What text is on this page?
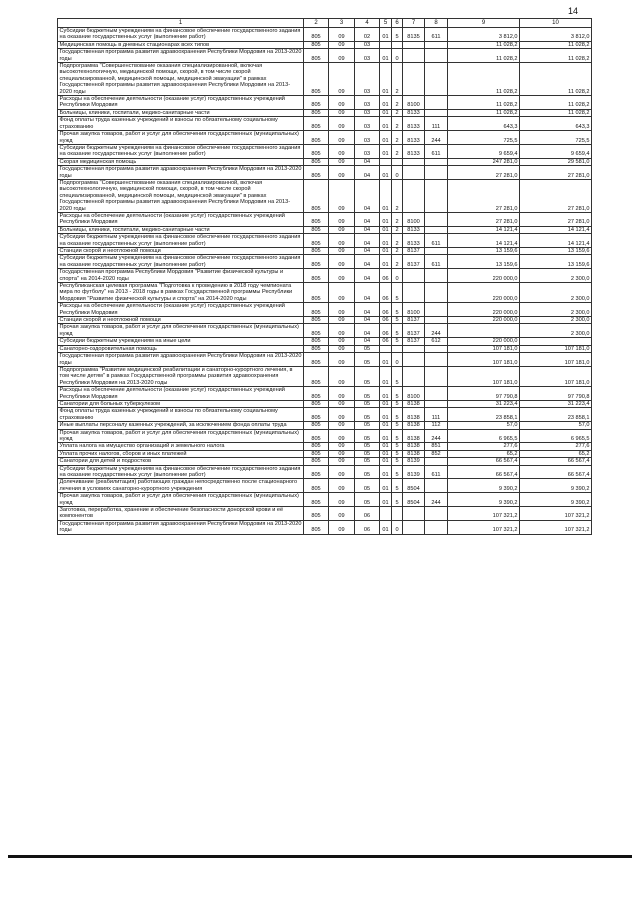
14
1	2	3	4	5	6	7	8	9	10
Субсидии бюджетным учреждениям на финансовое обеспечение государственного задания на оказание государственных услуг (выполнение работ)	805	09	02	01	5	8135	611	3 812,0	3 812,0
Медицинская помощь в дневных стационарах всех типов	805	09	03					11 028,2	11 028,2
Государственная программа развития здравоохранения Республики Мордовия на 2013-2020 годы	805	09	03	01	0			11 028,2	11 028,2
Подпрограмма "Совершенствование оказания специализированной, включая высокотехнологичную, медицинской помощи, скорой, в том числе скорой специализированной, медицинской помощи, медицинской эвакуации" в рамках Государственной программы развития здравоохранения Республики Мордовия на 2013-2020 годы	805	09	03	01	2			11 028,2	11 028,2
Расходы на обеспечение деятельности (оказание услуг) государственных учреждений Республики Мордовия	805	09	03	01	2	8100		11 028,2	11 028,2
Больницы, клиники, госпитали, медико-санитарные части	805	09	03	01	2	8133		11 028,2	11 028,2
Фонд оплаты труда казенных учреждений и взносы по обязательному социальному страхованию	805	09	03	01	2	8133	111	643,3	643,3
Прочая закупка товаров, работ и услуг для обеспечения государственных (муниципальных) нужд	805	09	03	01	2	8133	244	725,5	725,5
Субсидии бюджетным учреждениям на финансовое обеспечение государственного задания на оказание государственных услуг (выполнение работ)	805	09	03	01	2	8133	611	9 659,4	9 659,4
Скорая медицинская помощь	805	09	04					247 281,0	29 581,0
Государственная программа развития здравоохранения Республики Мордовия на 2013-2020 годы	805	09	04	01	0			27 281,0	27 281,0
Подпрограмма "Совершенствование оказания специализированной, включая высокотехнологичную, медицинской помощи, скорой, в том числе скорой специализированной, медицинской помощи, медицинской эвакуации" в рамках Государственной программы развития здравоохранения Республики Мордовия на 2013-2020 годы	805	09	04	01	2			27 281,0	27 281,0
Расходы на обеспечение деятельности (оказание услуг) государственных учреждений Республики Мордовия	805	09	04	01	2	8100		27 281,0	27 281,0
Больницы, клиники, госпитали, медико-санитарные части	805	09	04	01	2	8133		14 121,4	14 121,4
Субсидии бюджетным учреждениям на финансовое обеспечение государственного задания на оказание государственных услуг (выполнение работ)	805	09	04	01	2	8133	611	14 121,4	14 121,4
Станции скорой и неотложной помощи	805	09	04	01	2	8137		13 159,6	13 159,6
Субсидии бюджетным учреждениям на финансовое обеспечение государственного задания на оказание государственных услуг (выполнение работ)	805	09	04	01	2	8137	611	13 159,6	13 159,6
Государственная программа Республики Мордовия "Развитие физической культуры и спорта" на 2014-2020 годы	805	09	04	06	0			220 000,0	2 300,0
Республиканская целевая программа "Подготовка к проведению в 2018 году чемпионата мира по футболу" на 2013 - 2018 годы в рамках Государственной программы Республики Мордовия "Развитие физической культуры и спорта" на 2014-2020 годы	805	09	04	06	5			220 000,0	2 300,0
Расходы на обеспечение деятельности (оказание услуг) государственных учреждений Республики Мордовия	805	09	04	06	5	8100		220 000,0	2 300,0
Станции скорой и неотложной помощи	805	09	04	06	5	8137		220 000,0	2 300,0
Прочая закупка товаров, работ и услуг для обеспечения государственных (муниципальных) нужд	805	09	04	06	5	8137	244		2 300,0
Субсидии бюджетным учреждениям на иные цели	805	09	04	06	5	8137	612	220 000,0	
Санаторно-оздоровительная помощь	805	09	05					107 181,0	107 181,0
Государственная программа развития здравоохранения Республики Мордовия на 2013-2020 годы	805	09	05	01	0			107 181,0	107 181,0
Подпрограмма "Развитие медицинской реабилитации и санаторно-курортного лечения, в том числе детям" в рамках Государственной программы развития здравоохранения Республики Мордовия на 2013-2020 годы	805	09	05	01	5			107 181,0	107 181,0
Расходы на обеспечение деятельности (оказание услуг) государственных учреждений Республики Мордовия	805	09	05	01	5	8100		97 790,8	97 790,8
Санатории для больных туберкулезом	805	09	05	01	5	8138		31 223,4	31 223,4
Фонд оплаты труда казенных учреждений и взносы по обязательному социальному страхованию	805	09	05	01	5	8138	111	23 858,1	23 858,1
Иные выплаты персоналу казенных учреждений, за исключением фонда оплаты труда	805	09	05	01	5	8138	112	57,0	57,0
Прочая закупка товаров, работ и услуг для обеспечения государственных (муниципальных) нужд	805	09	05	01	5	8138	244	6 965,5	6 965,5
Уплата налога на имущество организаций и земельного налога	805	09	05	01	5	8138	851	277,6	277,6
Уплата прочих налогов, сборов и иных платежей	805	09	05	01	5	8138	852	65,2	65,2
Санатории для детей и подростков	805	09	05	01	5	8139		66 567,4	66 567,4
Субсидии бюджетным учреждениям на финансовое обеспечение государственного задания на оказание государственных услуг (выполнение работ)	805	09	05	01	5	8139	611	66 567,4	66 567,4
Долечивание (реабилитация) работающих граждан непосредственно после стационарного лечения в условиях санаторно-курортного учреждения	805	09	05	01	5	8504		9 390,2	9 390,2
Прочая закупка товаров, работ и услуг для обеспечения государственных (муниципальных) нужд	805	09	05	01	5	8504	244	9 390,2	9 390,2
Заготовка, переработка, хранение и обеспечение безопасности донорской крови и её компонентов	805	09	06					107 321,2	107 321,2
Государственная программа развития здравоохранения Республики Мордовия на 2013-2020 годы	805	09	06	01	0			107 321,2	107 321,2
